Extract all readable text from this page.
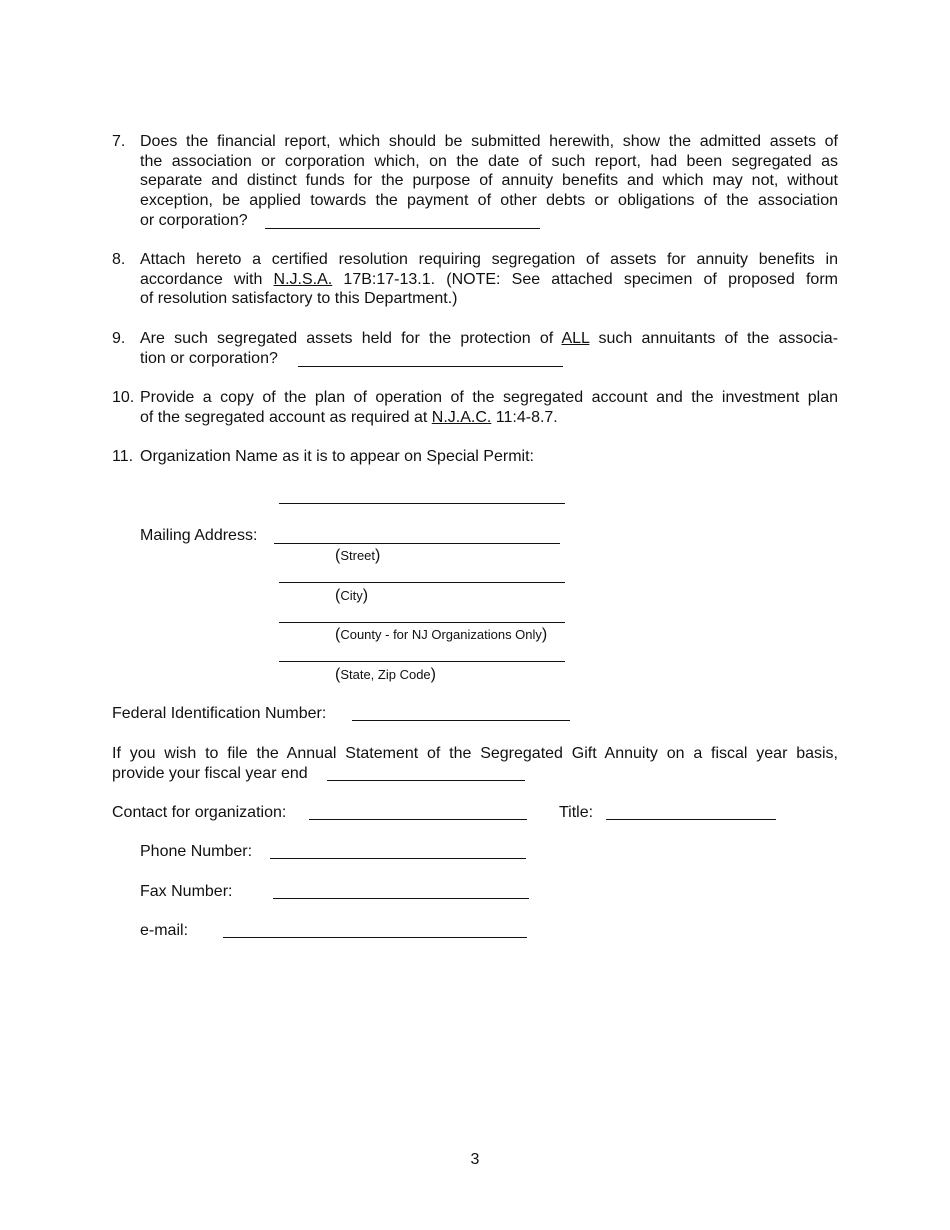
7. Does the financial report, which should be submitted herewith, show the admitted assets of
the association or corporation which, on the date of such report, had been segregated as
separate and distinct funds for the purpose of annuity benefits and which may not, without
exception, be applied towards the payment of other debts or obligations of the association
or corporation?
8. Attach hereto a certified resolution requiring segregation of assets for annuity benefits in
accordance with N.J.S.A. 17B:17-13.1. (NOTE: See attached specimen of proposed form
of resolution satisfactory to this Department.)
9. Are such segregated assets held for the protection of ALL such annuitants of the associa-
tion or corporation?
10. Provide a copy of the plan of operation of the segregated account and the investment plan
of the segregated account as required at N.J.A.C. 11:4-8.7.
11. Organization Name as it is to appear on Special Permit:
Mailing Address:
(Street)
(City)
(County - for NJ Organizations Only)
(State, Zip Code)
Federal Identification Number:
If you wish to file the Annual Statement of the Segregated Gift Annuity on a fiscal year basis,
provide your fiscal year end
Contact for organization:	Title:
Phone Number:
Fax Number:
e-mail:
3
